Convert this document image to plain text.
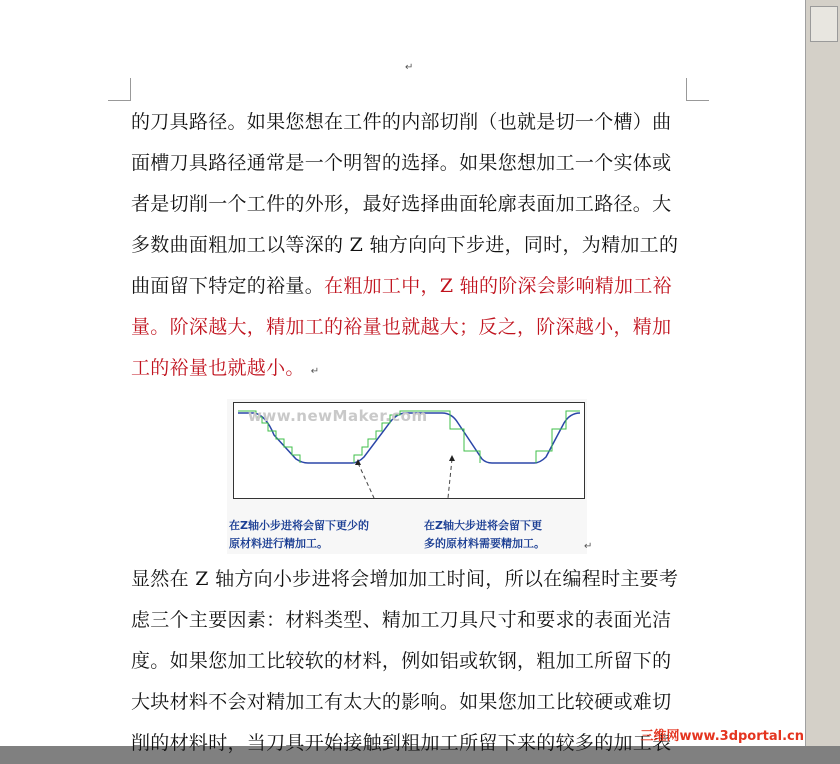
↵
的刀具路径。如果您想在工件的内部切削（也就是切一个槽）曲
面槽刀具路径通常是一个明智的选择。如果您想加工一个实体或
者是切削一个工件的外形，最好选择曲面轮廓表面加工路径。大
多数曲面粗加工以等深的 Z 轴方向向下步进，同时，为精加工的
曲面留下特定的裕量。在粗加工中，Z 轴的阶深会影响精加工裕
量。阶深越大，精加工的裕量也就越大；反之，阶深越小，精加
工的裕量也就越小。 ↵
www.newMaker.com
在Z轴小步进将会留下更少的
原材料进行精加工。
在Z轴大步进将会留下更
多的原材料需要精加工。	↵
显然在 Z 轴方向小步进将会增加加工时间，所以在编程时主要考
虑三个主要因素：材料类型、精加工刀具尺寸和要求的表面光洁
度。如果您加工比较软的材料，例如铝或软钢，粗加工所留下的
大块材料不会对精加工有太大的影响。如果您加工比较硬或难切
削的材料时，当刀具开始接触到粗加工所留下来的较多的加工表
三维网www.3dportal.cn
